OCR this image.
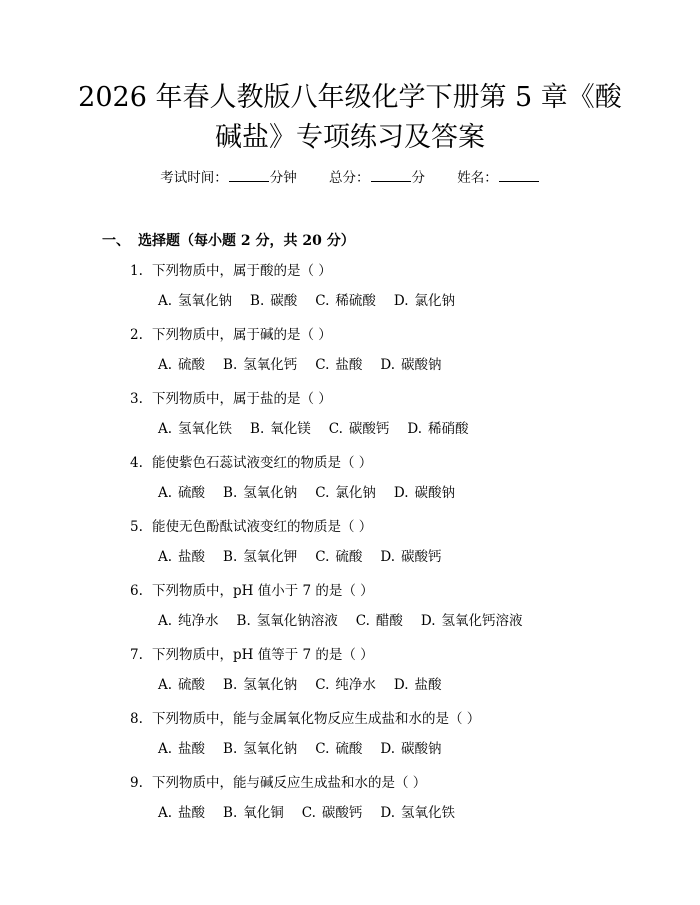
2026 年春人教版八年级化学下册第 5 章《酸
碱盐》专项练习及答案
考试时间：	分钟 总分：	分 姓名：
一、 选择题（每小题 2 分，共 20 分）
1. 下列物质中，属于酸的是（ ）
A. 氢氧化钠 B. 碳酸 C. 稀硫酸 D. 氯化钠
2. 下列物质中，属于碱的是（ ）
A. 硫酸 B. 氢氧化钙 C. 盐酸 D. 碳酸钠
3. 下列物质中，属于盐的是（ ）
A. 氢氧化铁 B. 氧化镁 C. 碳酸钙 D. 稀硝酸
4. 能使紫色石蕊试液变红的物质是（ ）
A. 硫酸 B. 氢氧化钠 C. 氯化钠 D. 碳酸钠
5. 能使无色酚酞试液变红的物质是（ ）
A. 盐酸 B. 氢氧化钾 C. 硫酸 D. 碳酸钙
6. 下列物质中，pH 值小于 7 的是（ ）
A. 纯净水 B. 氢氧化钠溶液 C. 醋酸 D. 氢氧化钙溶液
7. 下列物质中，pH 值等于 7 的是（ ）
A. 硫酸 B. 氢氧化钠 C. 纯净水 D. 盐酸
8. 下列物质中，能与金属氧化物反应生成盐和水的是（ ）
A. 盐酸 B. 氢氧化钠 C. 硫酸 D. 碳酸钠
9. 下列物质中，能与碱反应生成盐和水的是（ ）
A. 盐酸 B. 氧化铜 C. 碳酸钙 D. 氢氧化铁
